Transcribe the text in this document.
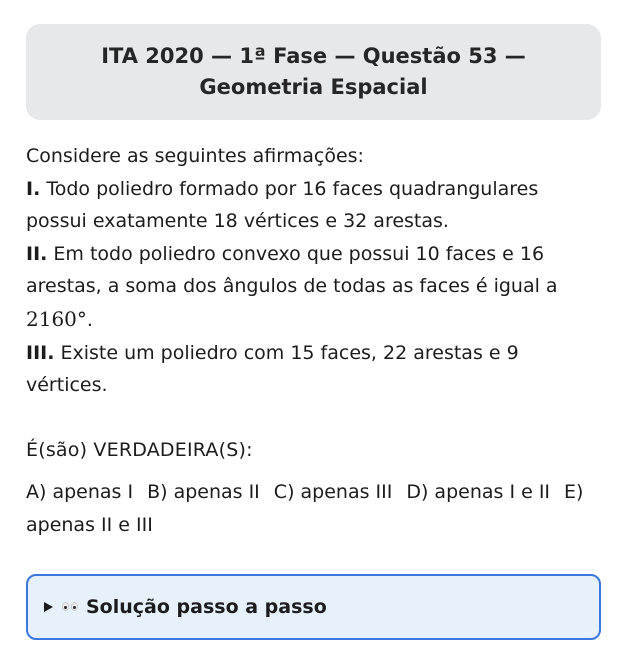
ITA 2020 — 1ª Fase — Questão 53 — Geometria Espacial

Considere as seguintes afirmações:

I. Todo poliedro formado por 16 faces quadrangulares possui exatamente 18 vértices e 32 arestas.

II. Em todo poliedro convexo que possui 10 faces e 16 arestas, a soma dos ângulos de todas as faces é igual a 2160°.

III. Existe um poliedro com 15 faces, 22 arestas e 9 vértices.

É(são) VERDADEIRA(S):
A) apenas I B) apenas II C) apenas III D) apenas I e II E) apenas II e III
Solução passo a passo
